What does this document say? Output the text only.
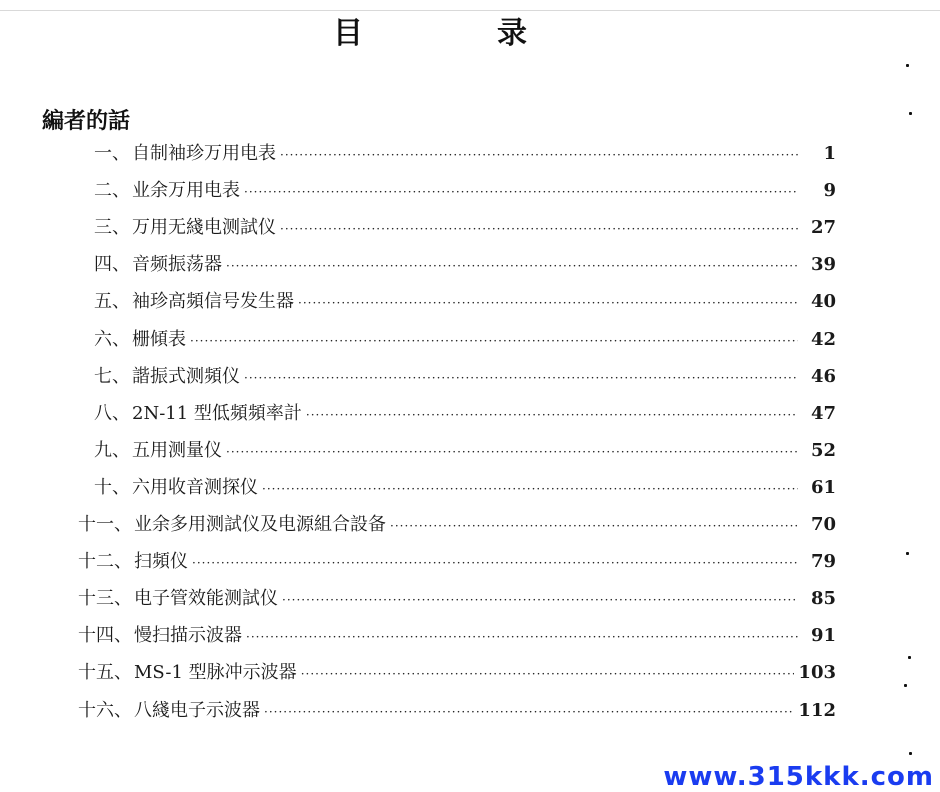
目　录
編者的話
一、 自制袖珍万用电表 ·····	1
二、 业余万用电表 ·····	9
三、 万用无綫电测試仪 ·····	27
四、 音频振荡器 ·····	39
五、 袖珍高頻信号发生器 ·····	40
六、 栅傾表 ·····	42
七、 諧振式测頻仪 ·····	46
八、 2N-11 型低頻頻率計 ·····	47
九、 五用测量仪 ·····	52
十、 六用收音测探仪 ·····	61
十一、 业余多用测試仪及电源組合設备 ·····	70
十二、 扫頻仪 ·····	79
十三、 电子管效能测試仪 ·····	85
十四、 慢扫描示波器 ·····	91
十五、 MS-1 型脉冲示波器 ·····	103
十六、 八綫电子示波器 ·····	112
www.315kkk.com
